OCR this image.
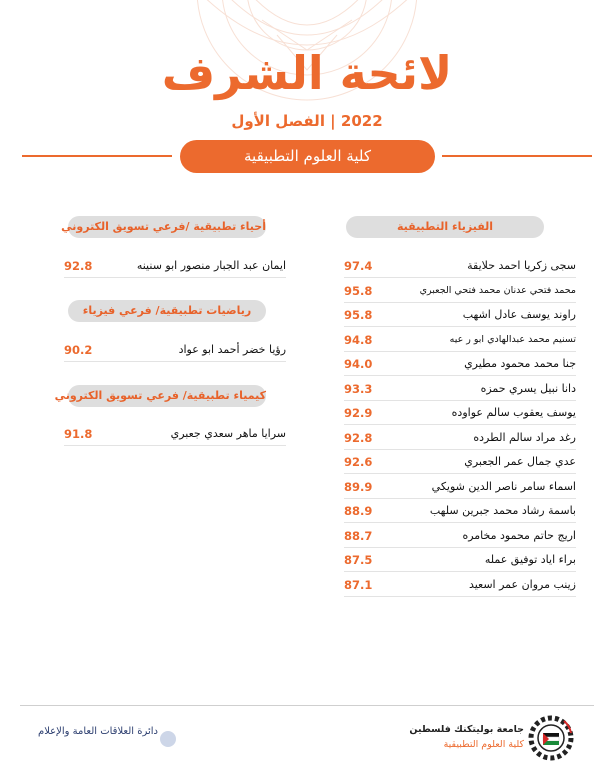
لائحة الشرف
2022 | الفصل الأول
كلية العلوم التطبيقية
الفيزياء التطبيقية
97.4	سجى زكريا احمد حلايقة
95.8	محمد فتحي عدنان محمد فتحي الجعبري
95.8	راوند يوسف عادل اشهب
94.8	تسنيم محمد عبدالهادي ابو ر عيه
94.0	جنا محمد محمود مطيري
93.3	دانا نبيل يسري حمزه
92.9	يوسف يعقوب سالم عواوده
92.8	رغد مراد سالم الطرده
92.6	عدي جمال عمر الجعبري
89.9	اسماء سامر ناصر الدين شويكي
88.9	باسمة رشاد محمد جبرين سلهب
88.7	اريج حاتم محمود مخامره
87.5	براء اياد توفيق عمله
87.1	زينب مروان عمر اسعيد
أحياء تطبيقية /فرعي تسويق الكتروني
92.8	ايمان عبد الجبار منصور ابو سنينه
رياضيات تطبيقية/ فرعي فيزياء
90.2	رؤيا خضر أحمد ابو عواد
كيمياء تطبيقية/ فرعي تسويق الكتروني
91.8	سرايا ماهر سعدي جعبري
دائرة العلاقات العامة والإعلام	جامعة بوليتكنك فلسطين
كلية العلوم التطبيقية
